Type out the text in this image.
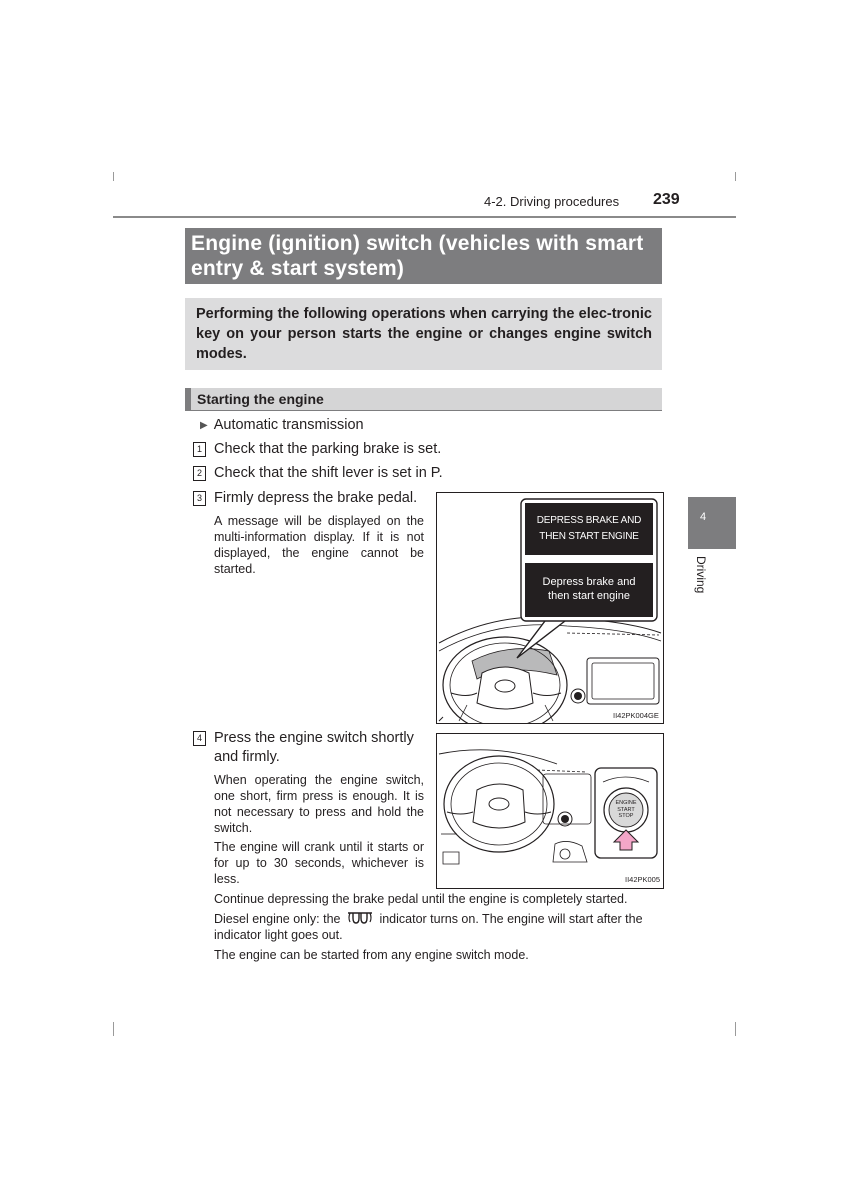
4-2. Driving procedures 239
Engine (ignition) switch (vehicles with smart entry & start system)
Performing the following operations when carrying the elec-tronic key on your person starts the engine or changes engine switch modes.
Starting the engine
▶ Automatic transmission
1 Check that the parking brake is set.
2 Check that the shift lever is set in P.
3 Firmly depress the brake pedal.
A message will be displayed on the multi-information display. If it is not displayed, the engine cannot be started.
DEPRESS BRAKE AND
THEN START ENGINE
Depress brake and
then start engine
II42PK004GE
4 Press the engine switch shortly and firmly.
When operating the engine switch, one short, firm press is enough. It is not necessary to press and hold the switch.
The engine will crank until it starts or for up to 30 seconds, whichever is less.
ENGINE
START
STOP
II42PK005
Continue depressing the brake pedal until the engine is completely started.
Diesel engine only: the	indicator turns on. The engine will start after the indicator light goes out.
The engine can be started from any engine switch mode.
4
Driving
